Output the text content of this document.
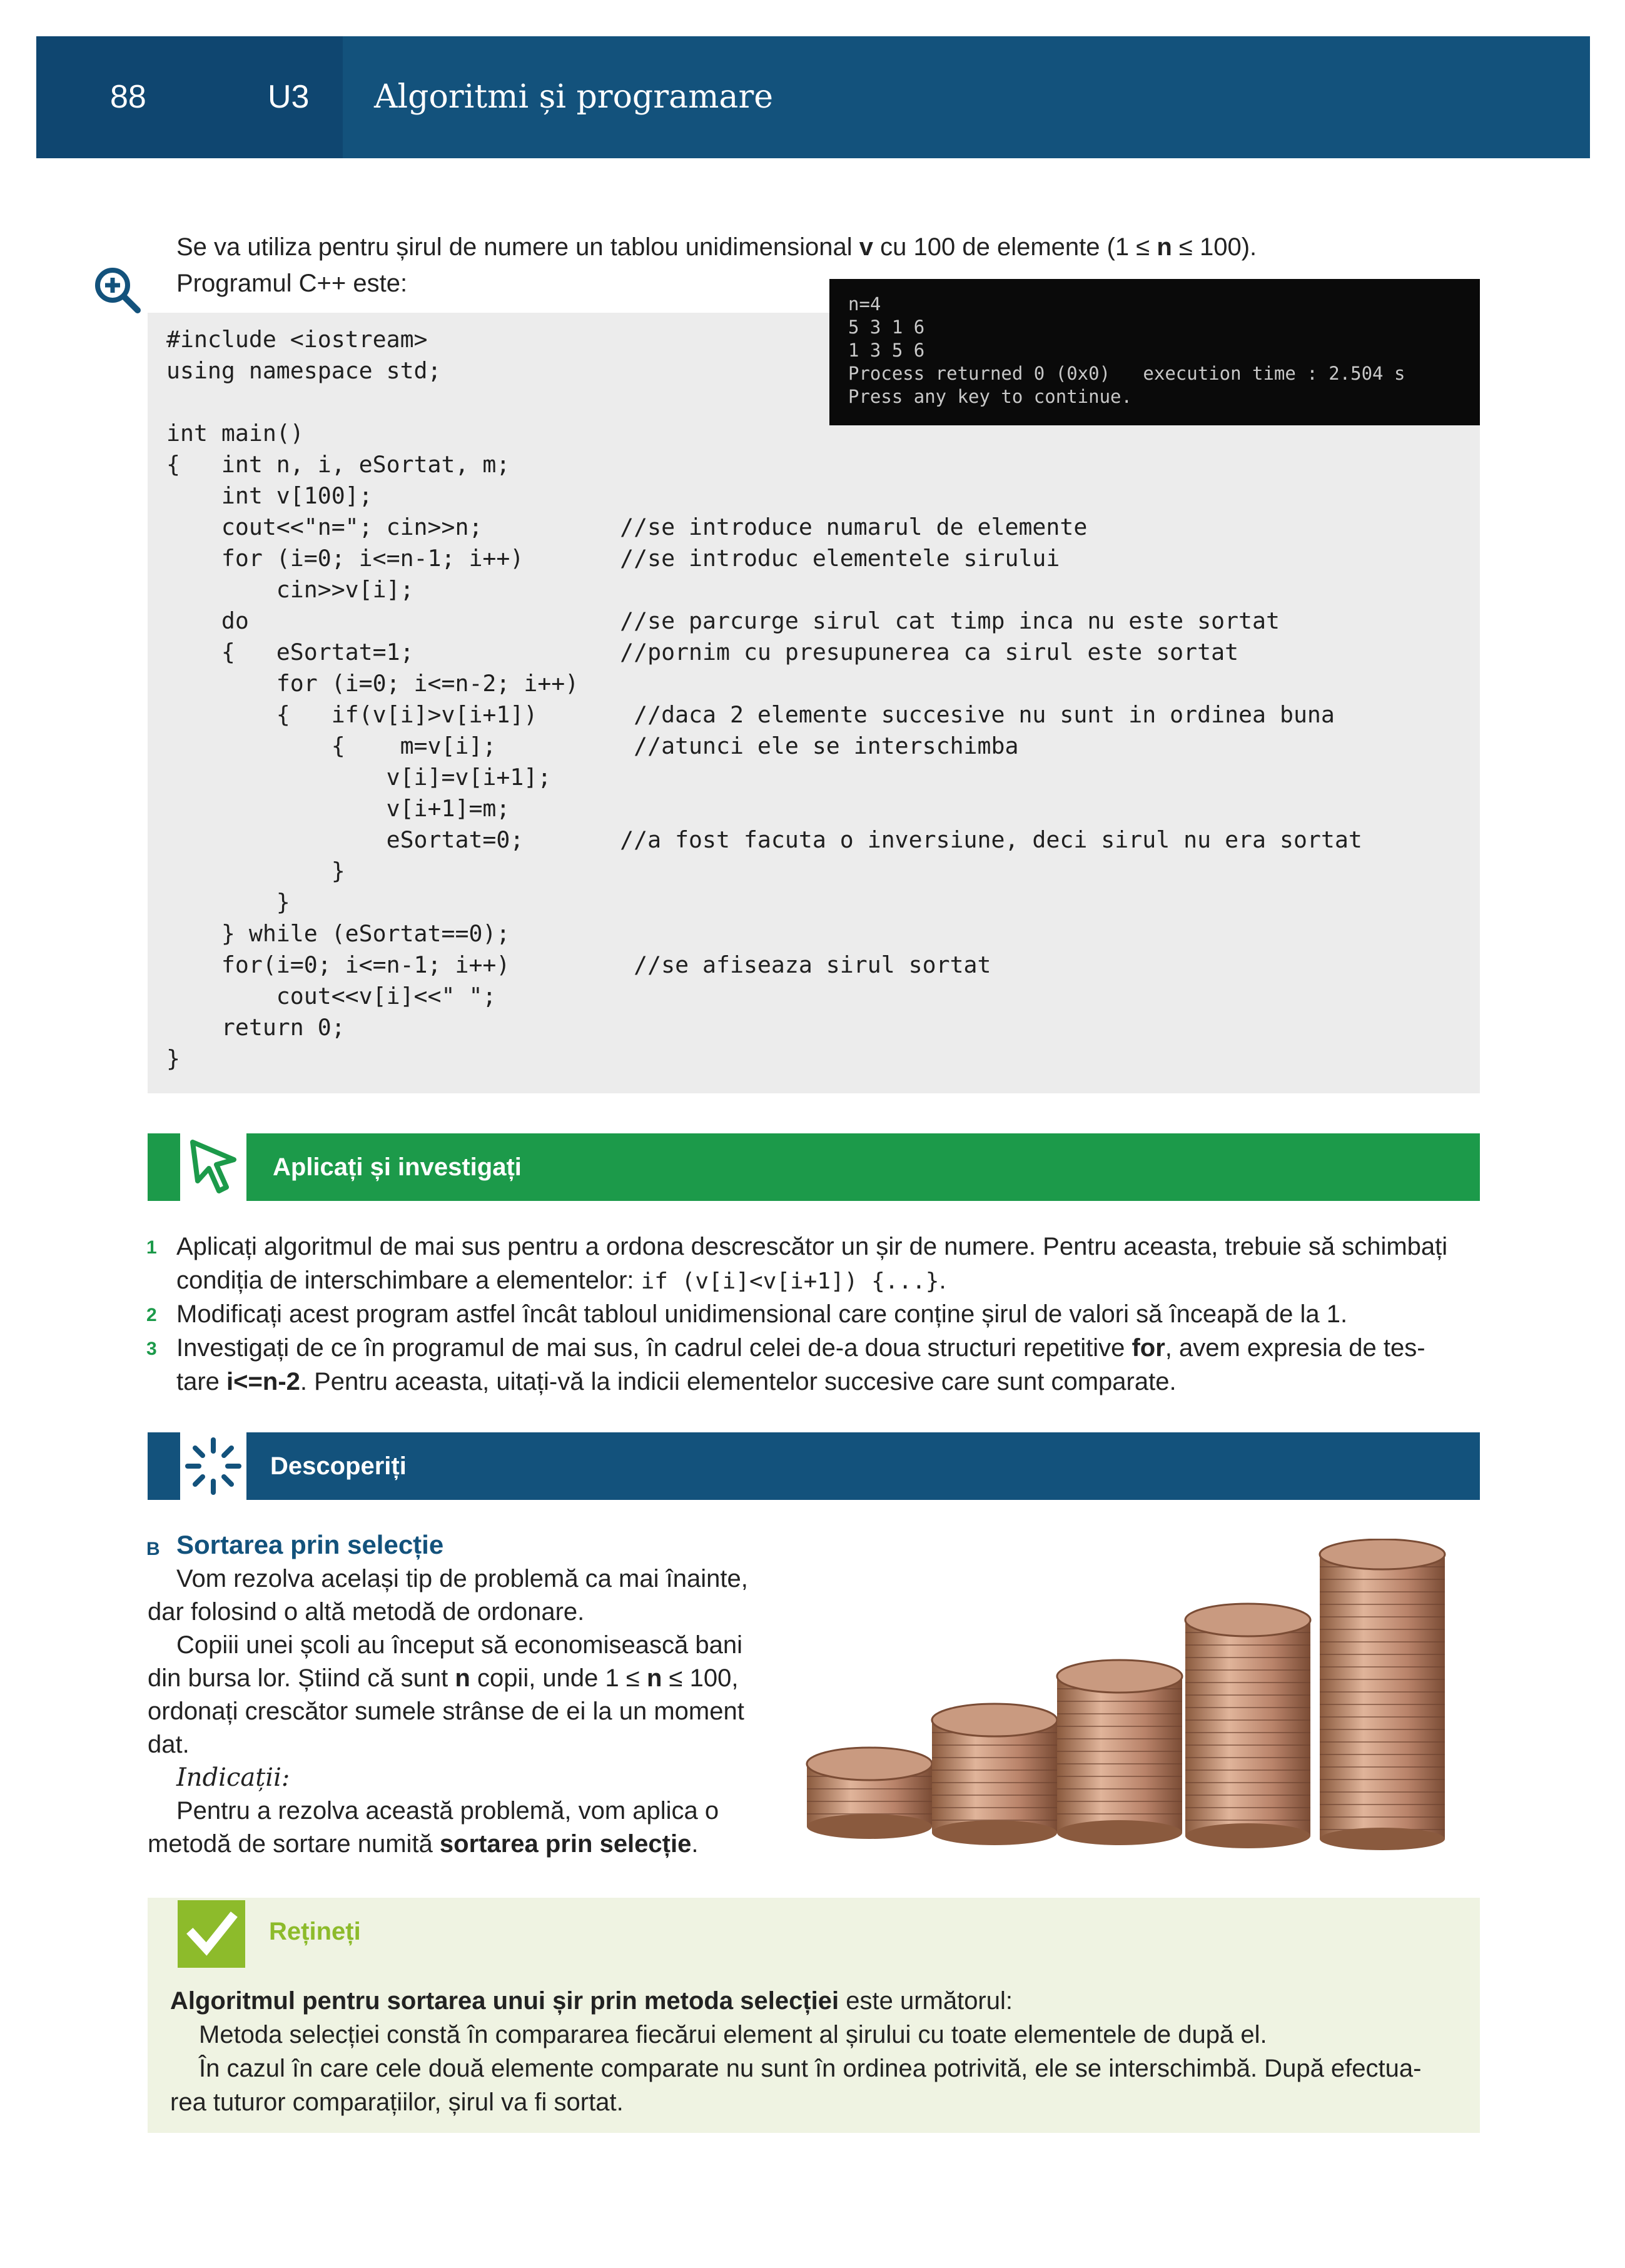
88	U3 Algoritmi și programare
Se va utiliza pentru șirul de numere un tablou unidimensional v cu 100 de elemente (1 ≤ n ≤ 100).
Programul C++ este:
#include <iostream>
using namespace std;

int main()
{   int n, i, eSortat, m;
int v[100];
cout<<"n="; cin>>n;          //se introduce numarul de elemente
for (i=0; i<=n-1; i++)       //se introduc elementele sirului
cin>>v[i];
do                           //se parcurge sirul cat timp inca nu este sortat
{   eSortat=1;               //pornim cu presupunerea ca sirul este sortat
for (i=0; i<=n-2; i++)
{   if(v[i]>v[i+1])       //daca 2 elemente succesive nu sunt in ordinea buna
{    m=v[i];          //atunci ele se interschimba
v[i]=v[i+1];
v[i+1]=m;
eSortat=0;       //a fost facuta o inversiune, deci sirul nu era sortat
}
}
} while (eSortat==0);
for(i=0; i<=n-1; i++)         //se afiseaza sirul sortat
cout<<v[i]<<" ";
return 0;
}
n=4
5 3 1 6
1 3 5 6
Process returned 0 (0x0)   execution time : 2.504 s
Press any key to continue.
Aplicați și investigați
1 Aplicați algoritmul de mai sus pentru a ordona descrescător un șir de numere. Pentru aceasta, trebuie să schimbați
condiția de interschimbare a elementelor: if (v[i]<v[i+1]) {...}.
2 Modificați acest program astfel încât tabloul unidimensional care conține șirul de valori să înceapă de la 1.
3 Investigați de ce în programul de mai sus, în cadrul celei de-a doua structuri repetitive for, avem expresia de tes-
tare i<=n-2. Pentru aceasta, uitați-vă la indicii elementelor succesive care sunt comparate.
Descoperiți
B Sortarea prin selecție
Vom rezolva același tip de problemă ca mai înainte, dar folosind o altă metodă de ordonare.
Copiii unei școli au început să economisească bani din bursa lor. Știind că sunt n copii, unde 1 ≤ n ≤ 100, ordonați crescător sumele strânse de ei la un moment dat.
Indicații:
Pentru a rezolva această problemă, vom aplica o metodă de sortare numită sortarea prin selecție.
Rețineți
Algoritmul pentru sortarea unui șir prin metoda selecției este următorul:
Metoda selecției constă în compararea fiecărui element al șirului cu toate elementele de după el.
În cazul în care cele două elemente comparate nu sunt în ordinea potrivită, ele se interschimbă. După efectua-
rea tuturor comparațiilor, șirul va fi sortat.
